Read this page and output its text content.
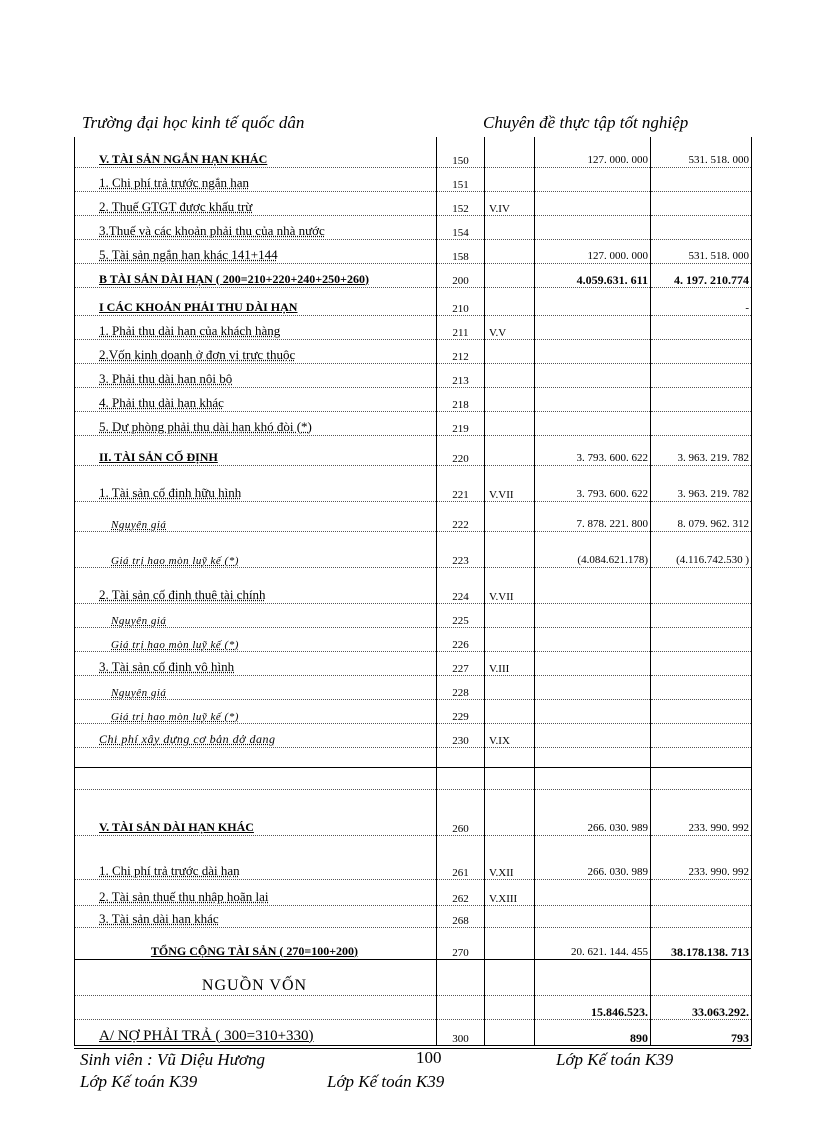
Trường đại học kinh tế quốc dân	Chuyên đề thực tập tốt nghiệp
V. TÀI SẢN NGẮN HẠN KHÁC	150		127. 000. 000	531. 518. 000
1. Chi phí trả trước ngắn hạn	151			
2. Thuế GTGT được khấu trừ	152	V.IV		
3.Thuế và các khoản phải thu của nhà nước	154			
5. Tài sản ngắn hạn khác 141+144	158		127. 000. 000	531. 518. 000
B TÀI SẢN DÀI HẠN ( 200=210+220+240+250+260)	200		4.059.631. 611	4. 197. 210.774
I CÁC KHOẢN PHẢI THU DÀI HẠN	210			-
1. Phải thu dài hạn của khách hàng	211	V.V		
2.Vốn kinh doanh ở đơn vị trực thuộc	212			
3. Phải thu dài hạn nội bộ	213			
4. Phải thu dài hạn khác	218			
5. Dự phòng phải thu dài hạn khó đòi (*)	219			
II. TÀI SẢN CỐ ĐỊNH	220		3. 793. 600. 622	3. 963. 219. 782
1. Tài sản cố định hữu hình	221	V.VII	3. 793. 600. 622	3. 963. 219. 782
Nguyên giá	222		7. 878. 221. 800	8. 079. 962. 312
Giá trị hao mòn luỹ kế (*)	223		(4.084.621.178)	(4.116.742.530 )
2. Tài sản cố định thuê tài chính	224	V.VII		
Nguyên giá	225			
Giá trị hao mòn luỹ kế (*)	226			
3. Tài sản cố định vô hình	227	V.III		
Nguyên giá	228			
Giá trị hao mòn luỹ kế (*)	229			
Chi phí xây dựng cơ bản dở dang	230	V.IX		

V. TÀI SẢN DÀI HẠN KHÁC	260		266. 030. 989	233. 990. 992
1. Chi phí trả trước dài hạn	261	V.XII	266. 030. 989	233. 990. 992
2. Tài sản thuế thu nhập hoãn lại	262	V.XIII		
3. Tài sản dài hạn khác	268			
TỔNG CỘNG TÀI SẢN ( 270=100+200)	270		20. 621. 144. 455	38.178.138. 713
NGUỒN VỐN				
			15.846.523.	33.063.292.
A/ NỢ PHẢI TRẢ ( 300=310+330)	300		890	793
Sinh viên : Vũ Diệu Hương	100	Lớp Kế toán K39
Lớp Kế toán K39	Lớp Kế toán K39
